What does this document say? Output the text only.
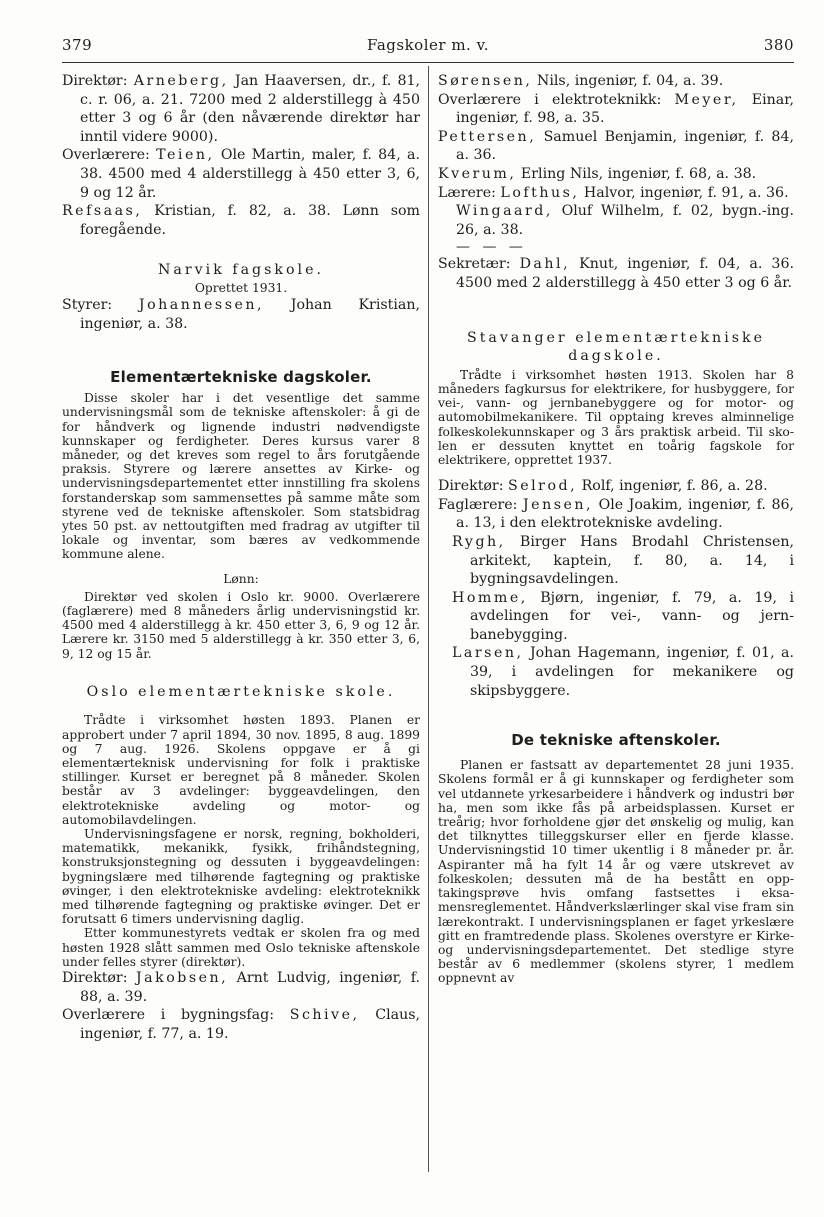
379	Fagskoler m. v.	380

Direktør: Arneberg, Jan Haaversen, dr., f. 81, c. r. 06, a. 21. 7200 med 2 alderstillegg à 450 etter 3 og 6 år (den nåværende direktør har inntil videre 9000).

Overlærere: Teien, Ole Martin, maler, f. 84, a. 38. 4500 med 4 alderstillegg à 450 etter 3, 6, 9 og 12 år.

Refsaas, Kristian, f. 82, a. 38. Lønn som foregående.

Narvik fagskole.

Oprettet 1931.

Styrer: Johannessen, Johan Kristian, ingeniør, a. 38.

Elementærtekniske dagskoler.

Disse skoler har i det vesentlige det samme undervisningsmål som de tekniske aftenskoler: å gi de for håndverk og lignende industri nødvendigste kunnskaper og ferdigheter. Deres kursus varer 8 måneder, og det kreves som regel to års forutgående praksis. Styrere og lærere ansettes av Kirke- og undervisningsdepartementet etter innstilling fra skolens forstanderskap som sammensettes på samme måte som styrene ved de tekniske aftenskoler. Som statsbidrag ytes 50 pst. av nettoutgiften med fradrag av utgifter til lokale og inventar, som bæres av vedkommende kommune alene.

Lønn:

Direktør ved skolen i Oslo kr. 9000. Overlærere (faglærere) med 8 måneders årlig undervisningstid kr. 4500 med 4 alderstillegg à kr. 450 etter 3, 6, 9 og 12 år. Lærere kr. 3150 med 5 alderstillegg à kr. 350 etter 3, 6, 9, 12 og 15 år.

Oslo elementærtekniske skole.

Trådte i virksomhet høsten 1893. Planen er approbert under 7 april 1894, 30 nov. 1895, 8 aug. 1899 og 7 aug. 1926. Skolens oppgave er å gi elementærteknisk undervisning for folk i praktiske stillinger. Kurset er beregnet på 8 måneder. Skolen består av 3 avdelinger: byggeavdelingen, den elektrotekniske avdeling og motor- og automobilavdelingen.

Undervisningsfagene er norsk, regning, bokholderi, matematikk, mekanikk, fysikk, frihåndstegning, konstruksjonstegning og dessuten i byggeavdelingen: bygningslære med tilhørende fagtegning og praktiske øvinger, i den elektrotekniske avdeling: elektroteknikk med tilhørende fagtegning og praktiske øvinger. Det er forutsatt 6 timers undervisning daglig.

Etter kommunestyrets vedtak er skolen fra og med høsten 1928 slått sammen med Oslo tekniske aftenskole under felles styrer (direktør).

Direktør: Jakobsen, Arnt Ludvig, ingeniør, f. 88, a. 39.

Overlærere i bygningsfag: Schive, Claus, ingeniør, f. 77, a. 19.

Sørensen, Nils, ingeniør, f. 04, a. 39.

Overlærere i elektroteknikk: Meyer, Einar, ingeniør, f. 98, a. 35.

Pettersen, Samuel Benjamin, ingeniør, f. 84, a. 36.

Kverum, Erling Nils, ingeniør, f. 68, a. 38.

Lærere: Lofthus, Halvor, ingeniør, f. 91, a. 36.

Wingaard, Oluf Wilhelm, f. 02, bygn.-ing. 26, a. 38.

— — —

Sekretær: Dahl, Knut, ingeniør, f. 04, a. 36. 4500 med 2 alderstillegg à 450 etter 3 og 6 år.

Stavanger elementærtekniske dagskole.

Trådte i virksomhet høsten 1913. Skolen har 8 måneders fagkursus for elektrikere, for husbyggere, for vei-, vann- og jernbanebyggere og for motor- og automobilmekanikere. Til opptaing kreves alminnelige folkeskolekunnskaper og 3 års praktisk arbeid. Til skolen er dessuten knyttet en toårig fagskole for elektrikere, opprettet 1937.

Direktør: Selrod, Rolf, ingeniør, f. 86, a. 28.

Faglærere: Jensen, Ole Joakim, ingeniør, f. 86, a. 13, i den elektrotekniske avdeling.

Rygh, Birger Hans Brodahl Christensen, arkitekt, kaptein, f. 80, a. 14, i bygningsavdelingen.

Homme, Bjørn, ingeniør, f. 79, a. 19, i avdelingen for vei-, vann- og jernbanebygging.

Larsen, Johan Hagemann, ingeniør, f. 01, a. 39, i avdelingen for mekanikere og skipsbyggere.

De tekniske aftenskoler.

Planen er fastsatt av departementet 28 juni 1935. Skolens formål er å gi kunnskaper og ferdigheter som vel utdannete yrkesarbeidere i håndverk og industri bør ha, men som ikke fås på arbeidsplassen. Kurset er treårig; hvor forholdene gjør det ønskelig og mulig, kan det tilknyttes tilleggskurser eller en fjerde klasse. Undervisningstid 10 timer ukentlig i 8 måneder pr. år. Aspiranter må ha fylt 14 år og være utskrevet av folkeskolen; dessuten må de ha bestått en opptakingsprøve hvis omfang fastsettes i eksamensreglementet. Håndverkslærlinger skal vise fram sin lærekontrakt. I undervisningsplanen er faget yrkeslære gitt en framtredende plass. Skolenes overstyre er Kirke- og undervisningsdepartementet. Det stedlige styre består av 6 medlemmer (skolens styrer, 1 medlem oppnevnt av
